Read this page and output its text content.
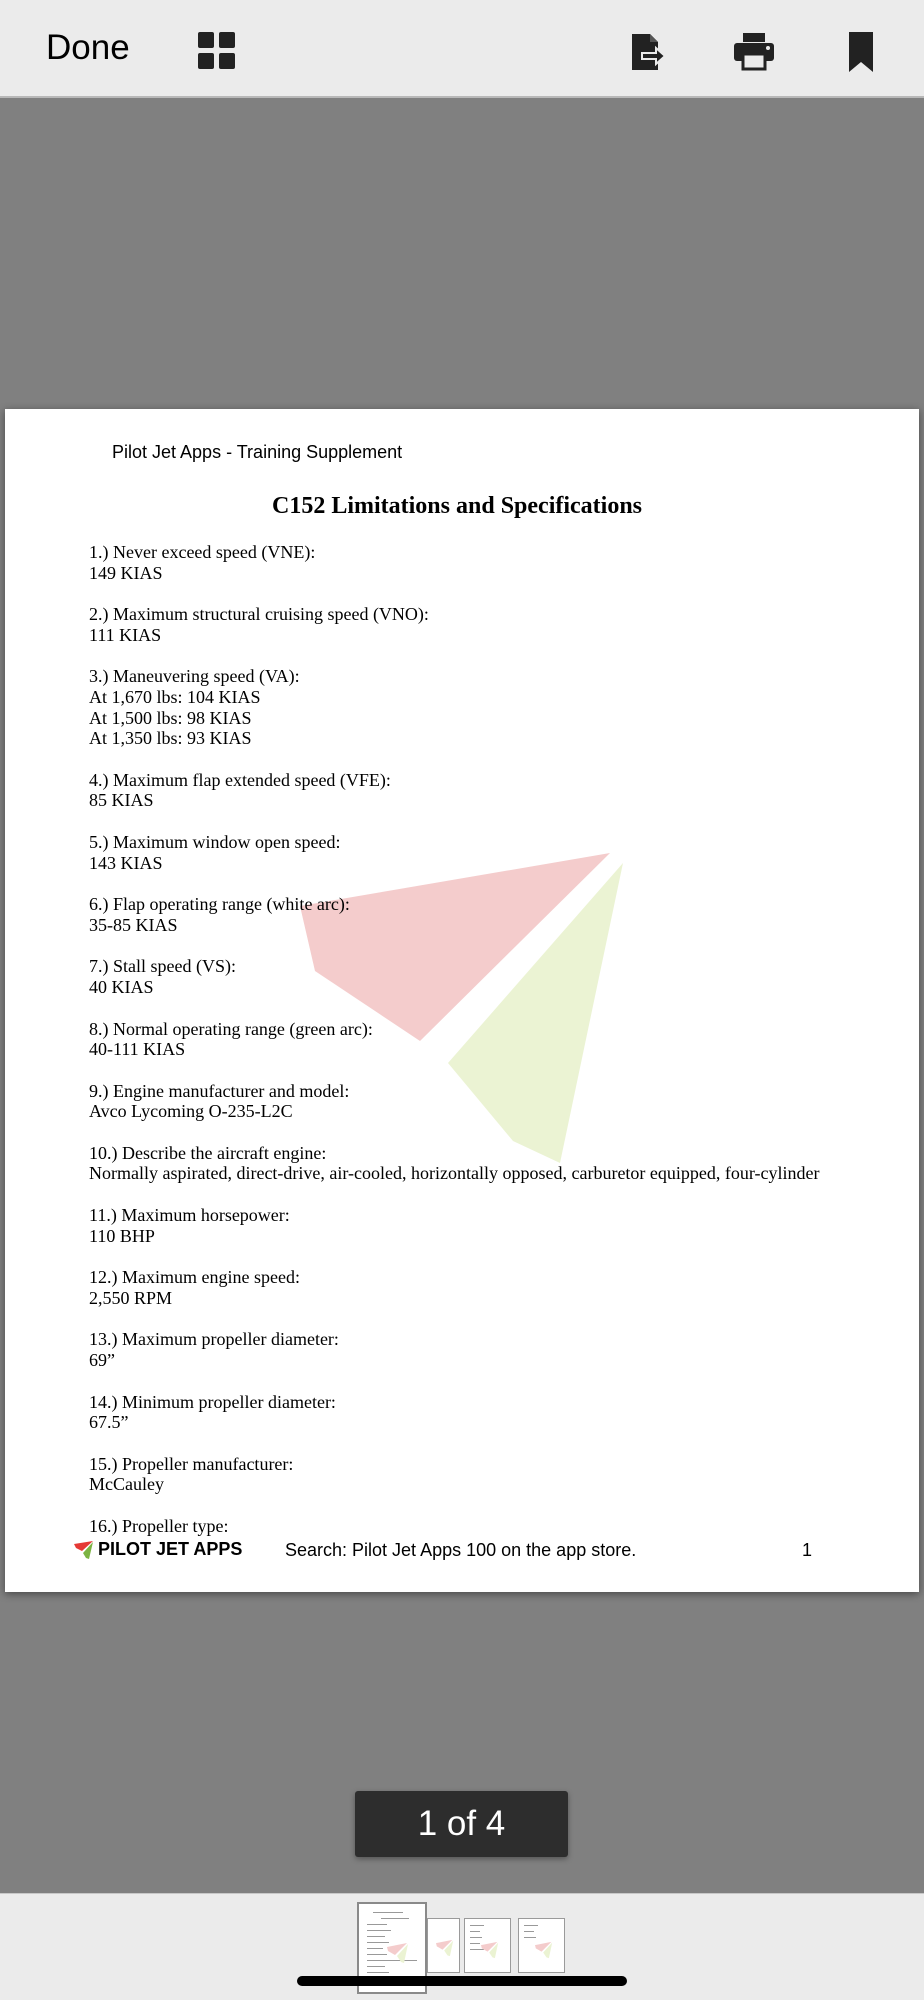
Done
Pilot Jet Apps - Training Supplement
C152 Limitations and Specifications
1.) Never exceed speed (VNE):
149 KIAS
2.) Maximum structural cruising speed (VNO):
111 KIAS
3.) Maneuvering speed (VA):
At 1,670 lbs: 104 KIAS
At 1,500 lbs: 98 KIAS
At 1,350 lbs: 93 KIAS
4.) Maximum flap extended speed (VFE):
85 KIAS
5.) Maximum window open speed:
143 KIAS
6.) Flap operating range (white arc):
35-85 KIAS
7.) Stall speed (VS):
40 KIAS
8.) Normal operating range (green arc):
40-111 KIAS
9.) Engine manufacturer and model:
Avco Lycoming O-235-L2C
10.) Describe the aircraft engine:
Normally aspirated, direct-drive, air-cooled, horizontally opposed, carburetor equipped, four-cylinder
11.) Maximum horsepower:
110 BHP
12.) Maximum engine speed:
2,550 RPM
13.) Maximum propeller diameter:
69”
14.) Minimum propeller diameter:
67.5”
15.) Propeller manufacturer:
McCauley
16.) Propeller type:
PILOT JET APPS Search: Pilot Jet Apps 100 on the app store.	1
1 of 4
